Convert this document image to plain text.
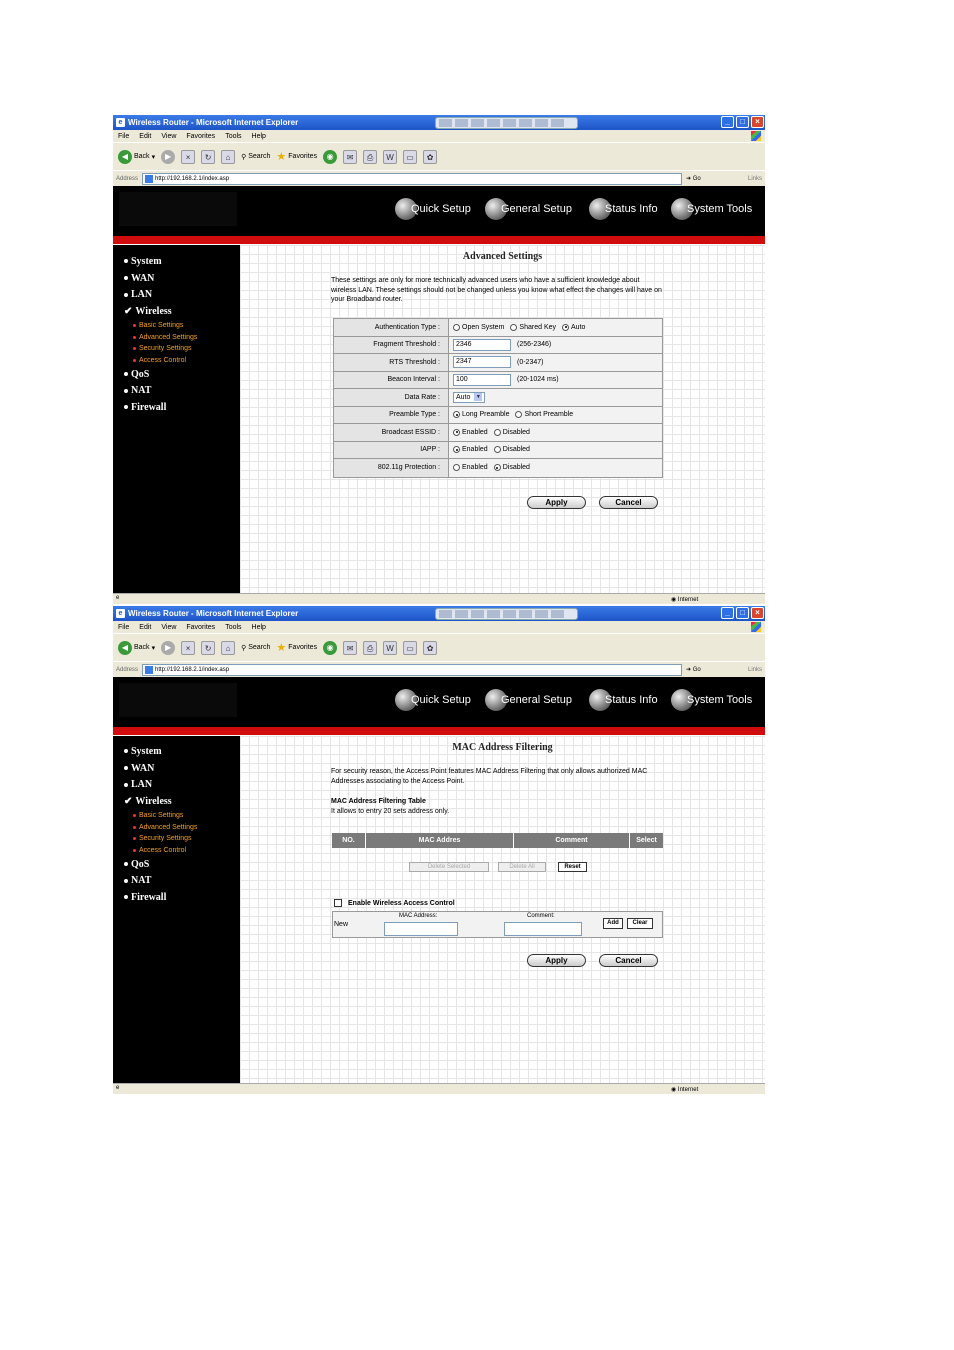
e Wireless Router - Microsoft Internet Explorer	_	□	×
File Edit View Favorites Tools Help
◀ Back ▾	▶	×	↻	⌂	⚲ Search ★ Favorites	◉	✉	⎙	W	▭	✿
Address	http://192.168.2.1/index.asp	➜ Go	Links
Quick Setup	General Setup	Status Info	System Tools
System
WAN
LAN
✔ Wireless
Basic Settings
Advanced Settings
Security Settings
Access Control
QoS
NAT
Firewall
Advanced Settings
These settings are only for more technically advanced users who have a sufficient knowledge about wireless LAN. These settings should not be changed unless you know what effect the changes will have on your Broadband router.
Authentication Type :	Open System Shared Key Auto
Fragment Threshold :	2346	(256-2346)
RTS Threshold :	2347	(0-2347)
Beacon Interval :	100	(20-1024 ms)
Data Rate :	Auto	▼
Preamble Type :	Long Preamble Short Preamble
Broadcast ESSID :	Enabled Disabled
IAPP :	Enabled Disabled
802.11g Protection :	Enabled Disabled
Apply	Cancel
e	◉ Internet
e Wireless Router - Microsoft Internet Explorer	_	□	×
File Edit View Favorites Tools Help
◀ Back ▾	▶	×	↻	⌂	⚲ Search ★ Favorites	◉	✉	⎙	W	▭	✿
Address	http://192.168.2.1/index.asp	➜ Go	Links
Quick Setup	General Setup	Status Info	System Tools
System
WAN
LAN
✔ Wireless
Basic Settings
Advanced Settings
Security Settings
Access Control
QoS
NAT
Firewall
MAC Address Filtering
For security reason, the Access Point features MAC Address Filtering that only allows authorized MAC Addresses associating to the Access Point.
MAC Address Filtering Table
It allows to entry 20 sets address only.
NO.	MAC Addres	Comment	Select
Delete Selected	Delete All	Reset
Enable Wireless Access Control
New
MAC Address:	Comment:
Add	Clear
Apply	Cancel
e	◉ Internet
